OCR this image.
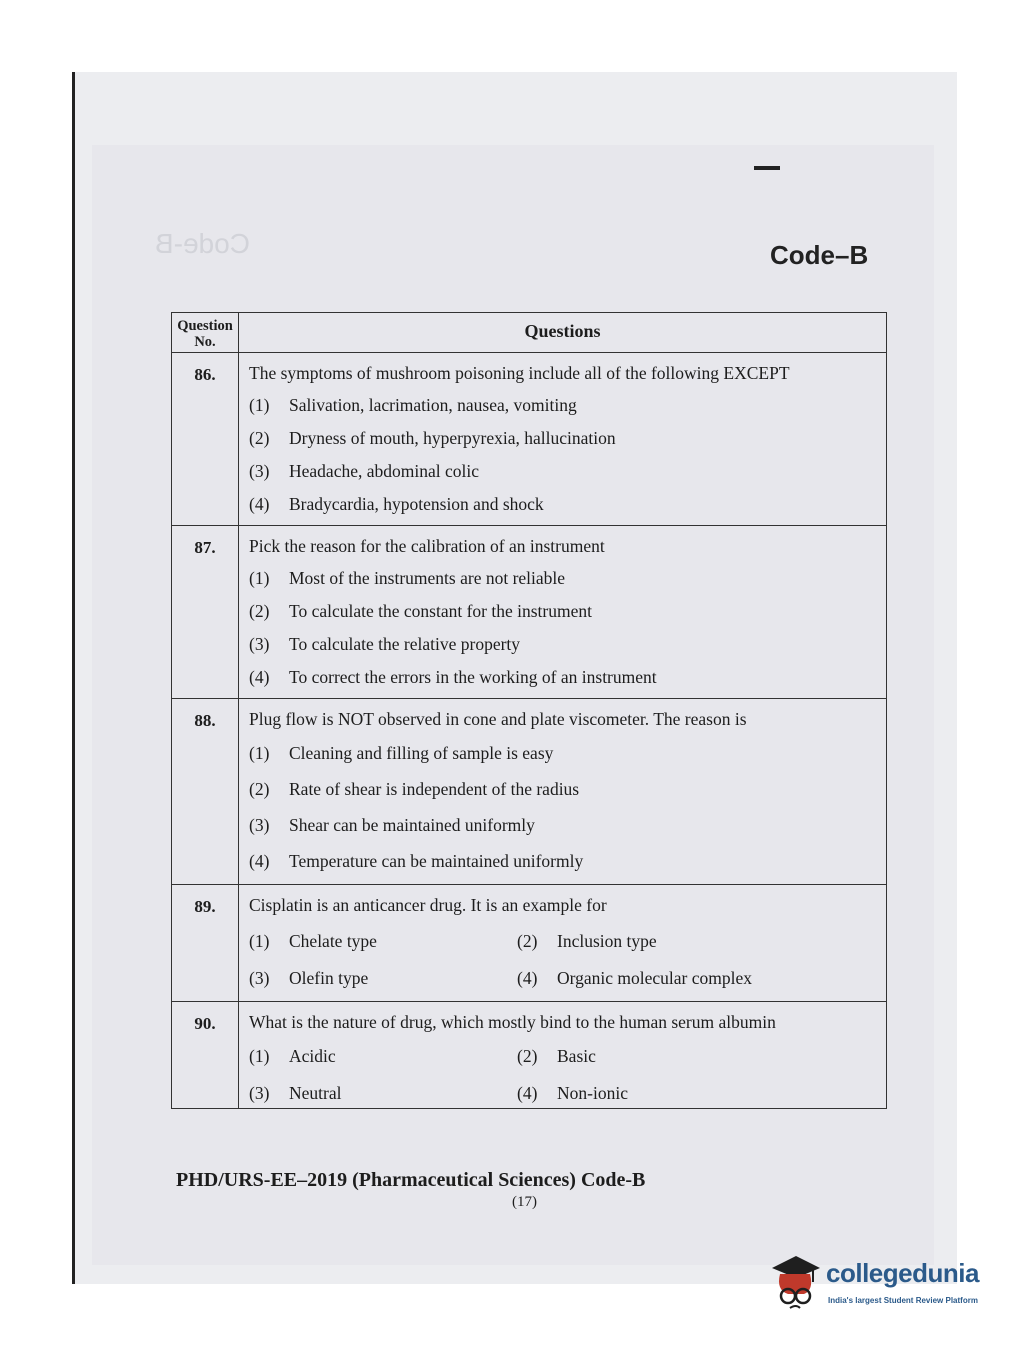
Code-B	Code–B
Question No.	Questions
86.	The symptoms of mushroom poisoning include all of the following EXCEPT
(1) Salivation, lacrimation, nausea, vomiting
(2) Dryness of mouth, hyperpyrexia, hallucination
(3) Headache, abdominal colic
(4) Bradycardia, hypotension and shock

87.	Pick the reason for the calibration of an instrument
(1) Most of the instruments are not reliable
(2) To calculate the constant for the instrument
(3) To calculate the relative property
(4) To correct the errors in the working of an instrument

88.	Plug flow is NOT observed in cone and plate viscometer. The reason is
(1) Cleaning and filling of sample is easy
(2) Rate of shear is independent of the radius
(3) Shear can be maintained uniformly
(4) Temperature can be maintained uniformly

89.	Cisplatin is an anticancer drug. It is an example for
(1) Chelate type (2) Inclusion type
(3) Olefin type (4) Organic molecular complex

90.	What is the nature of drug, which mostly bind to the human serum albumin
(1) Acidic (2) Basic
(3) Neutral (4) Non-ionic
PHD/URS-EE–2019 (Pharmaceutical Sciences) Code-B
(17)
collegedunia
India's largest Student Review Platform
